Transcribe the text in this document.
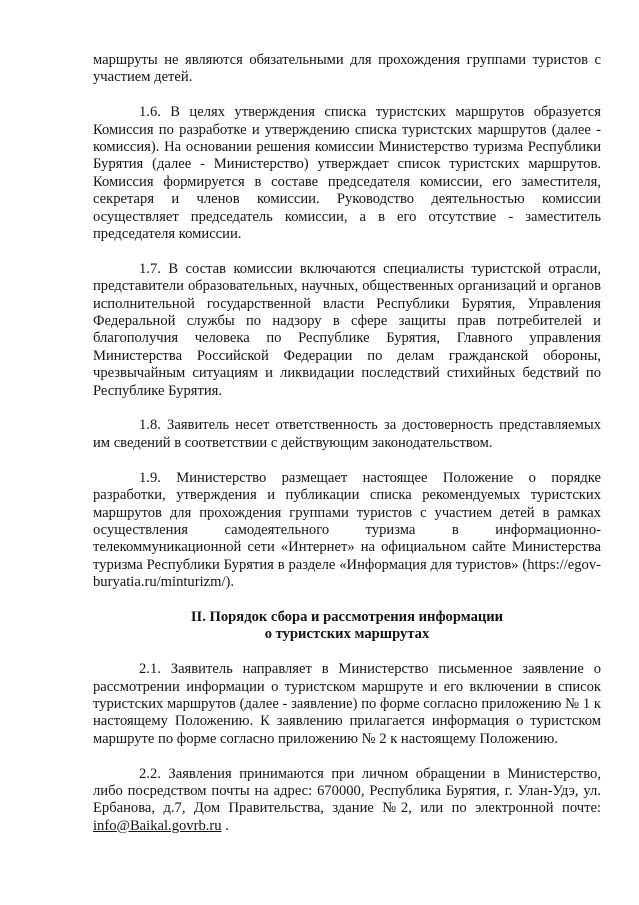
маршруты не являются обязательными для прохождения группами туристов с участием детей.

1.6. В целях утверждения списка туристских маршрутов образуется Комиссия по разработке и утверждению списка туристских маршрутов (далее - комиссия). На основании решения комиссии Министерство туризма Республики Бурятия (далее - Министерство) утверждает список туристских маршрутов. Комиссия формируется в составе председателя комиссии, его заместителя, секретаря и членов комиссии. Руководство деятельностью комиссии осуществляет председатель комиссии, а в его отсутствие - заместитель председателя комиссии.

1.7. В состав комиссии включаются специалисты туристской отрасли, представители образовательных, научных, общественных организаций и органов исполнительной государственной власти Республики Бурятия, Управления Федеральной службы по надзору в сфере защиты прав потребителей и благополучия человека по Республике Бурятия, Главного управления Министерства Российской Федерации по делам гражданской обороны, чрезвычайным ситуациям и ликвидации последствий стихийных бедствий по Республике Бурятия.

1.8. Заявитель несет ответственность за достоверность представляемых им сведений в соответствии с действующим законодательством.

1.9. Министерство размещает настоящее Положение о порядке разработки, утверждения и публикации списка рекомендуемых туристских маршрутов для прохождения группами туристов с участием детей в рамках осуществления самодеятельного туризма в информационно-телекоммуникационной сети «Интернет» на официальном сайте Министерства туризма Республики Бурятия в разделе «Информация для туристов» (https://egov-buryatia.ru/minturizm/).

II. Порядок сбора и рассмотрения информации
о туристских маршрутах

2.1. Заявитель направляет в Министерство письменное заявление о рассмотрении информации о туристском маршруте и его включении в список туристских маршрутов (далее - заявление) по форме согласно приложению № 1 к настоящему Положению. К заявлению прилагается информация о туристском маршруте по форме согласно приложению № 2 к настоящему Положению.

2.2. Заявления принимаются при личном обращении в Министерство, либо посредством почты на адрес: 670000, Республика Бурятия, г. Улан-Удэ, ул. Ербанова, д.7, Дом Правительства, здание №2, или по электронной почте: info@Baikal.govrb.ru .
